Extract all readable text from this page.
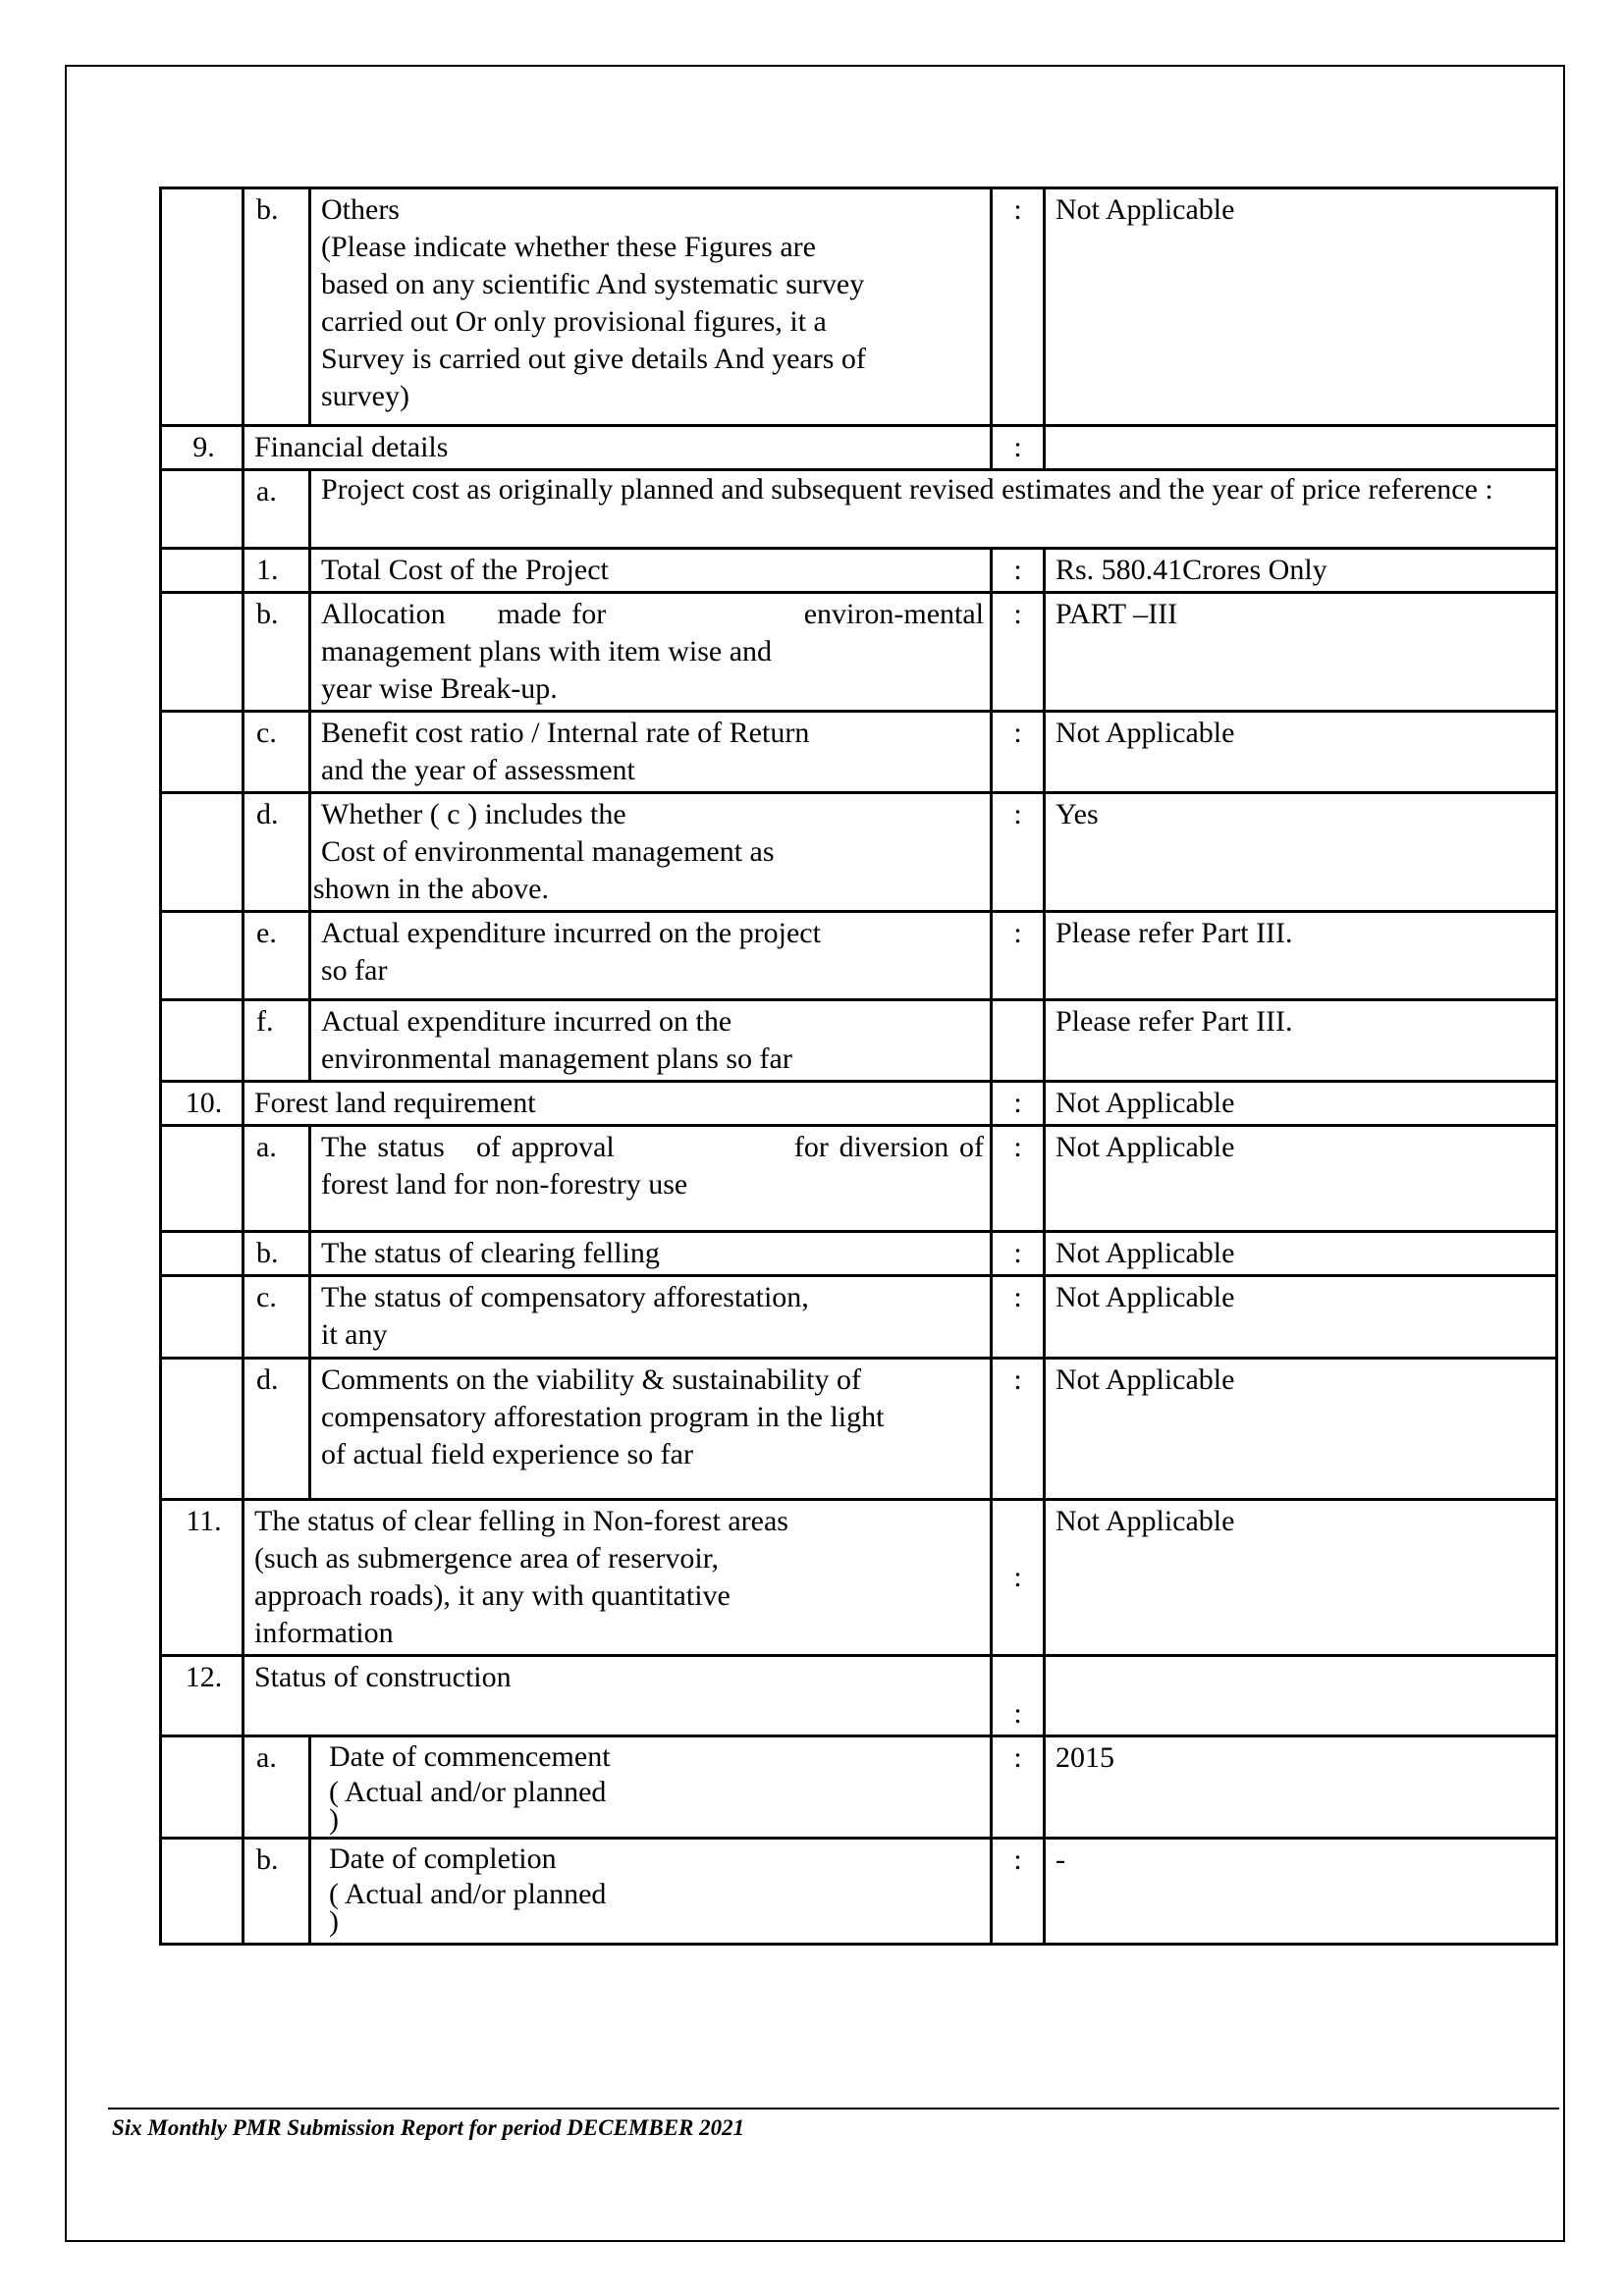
	b.	Others
(Please indicate whether these Figures are based on any scientific And systematic survey carried out Or only provisional figures, it a Survey is carried out give details And years of survey)	:	Not Applicable
9.	Financial details		:	
	a.	Project cost as originally planned and subsequent revised estimates and the year of price reference :		
	1.	Total Cost of the Project	:	Rs. 580.41Crores Only
	b.	Allocation     made for                   environ-mental
management plans with item wise and year wise Break-up.	:	PART –III
	c.	Benefit cost ratio / Internal rate of Return and the year of assessment	:	Not Applicable
	d.	Whether ( c ) includes the
Cost of environmental management as
shown in the above.	:	Yes
	e.	Actual expenditure incurred on the project so far	:	Please refer Part III.
	f.	Actual expenditure incurred on the environmental management plans so far		Please refer Part III.
10.	Forest land requirement		:	Not Applicable
	a.	The status   of approval                 for diversion of
forest land for non-forestry use	:	Not Applicable
	b.	The status of clearing felling	:	Not Applicable
	c.	The status of compensatory afforestation,
it any	:	Not Applicable
	d.	Comments on the viability & sustainability of compensatory afforestation program in the light of actual field experience so far	:	Not Applicable
11.	The status of clear felling in Non-forest areas (such as submergence area of reservoir, approach roads), it any with quantitative information		:	Not Applicable
12.	Status of construction		:	
	a.	Date of commencement
( Actual and/or planned
)	:	2015
	b.	Date of completion
( Actual and/or planned
)	:	-
Six Monthly PMR Submission Report for period DECEMBER 2021
